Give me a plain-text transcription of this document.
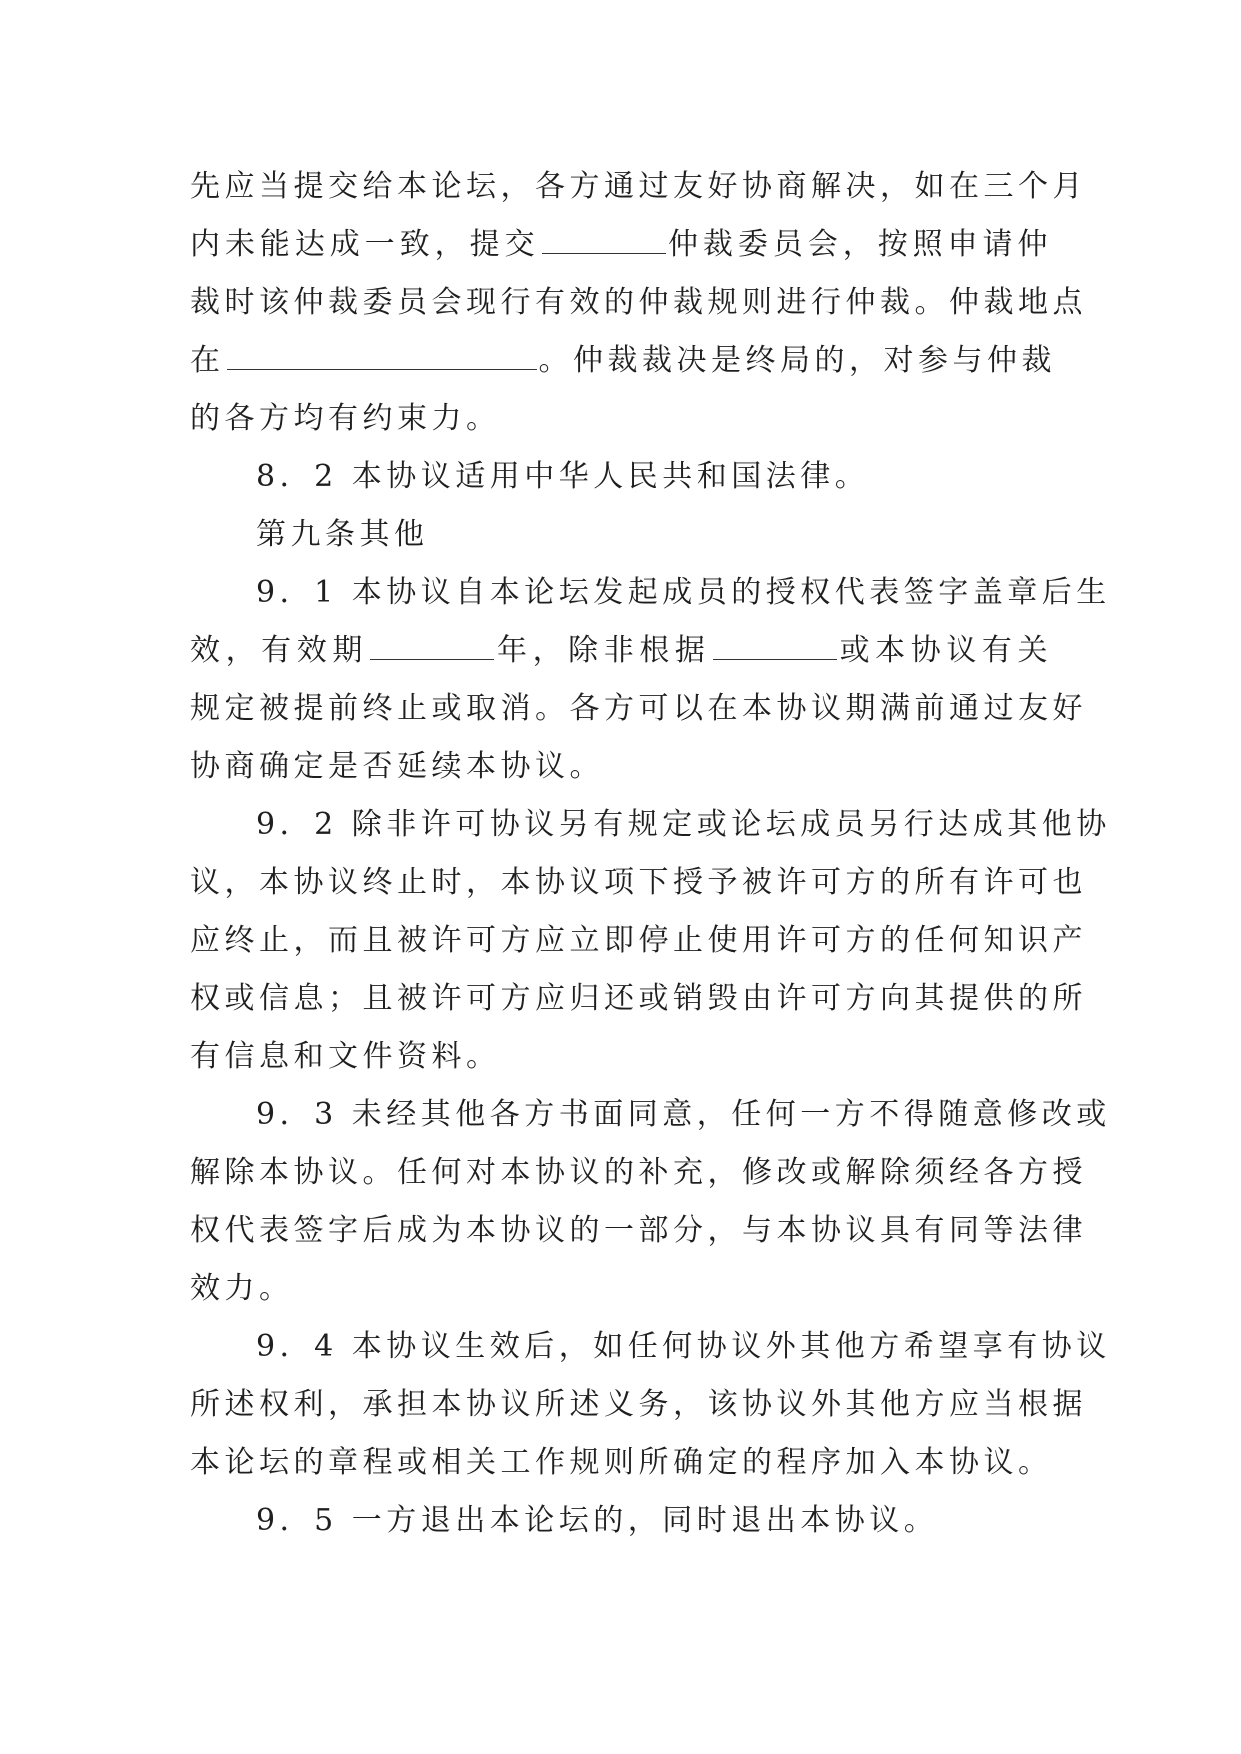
先应当提交给本论坛，各方通过友好协商解决，如在三个月
内未能达成一致，提交	仲裁委员会，按照申请仲
裁时该仲裁委员会现行有效的仲裁规则进行仲裁。仲裁地点
在	。仲裁裁决是终局的，对参与仲裁
的各方均有约束力。
8．2 本协议适用中华人民共和国法律。
第九条其他
9．1 本协议自本论坛发起成员的授权代表签字盖章后生
效，有效期	年，除非根据	或本协议有关
规定被提前终止或取消。各方可以在本协议期满前通过友好
协商确定是否延续本协议。
9．2 除非许可协议另有规定或论坛成员另行达成其他协
议，本协议终止时，本协议项下授予被许可方的所有许可也
应终止，而且被许可方应立即停止使用许可方的任何知识产
权或信息；且被许可方应归还或销毁由许可方向其提供的所
有信息和文件资料。
9．3 未经其他各方书面同意，任何一方不得随意修改或
解除本协议。任何对本协议的补充，修改或解除须经各方授
权代表签字后成为本协议的一部分，与本协议具有同等法律
效力。
9．4 本协议生效后，如任何协议外其他方希望享有协议
所述权利，承担本协议所述义务，该协议外其他方应当根据
本论坛的章程或相关工作规则所确定的程序加入本协议。
9．5 一方退出本论坛的，同时退出本协议。
